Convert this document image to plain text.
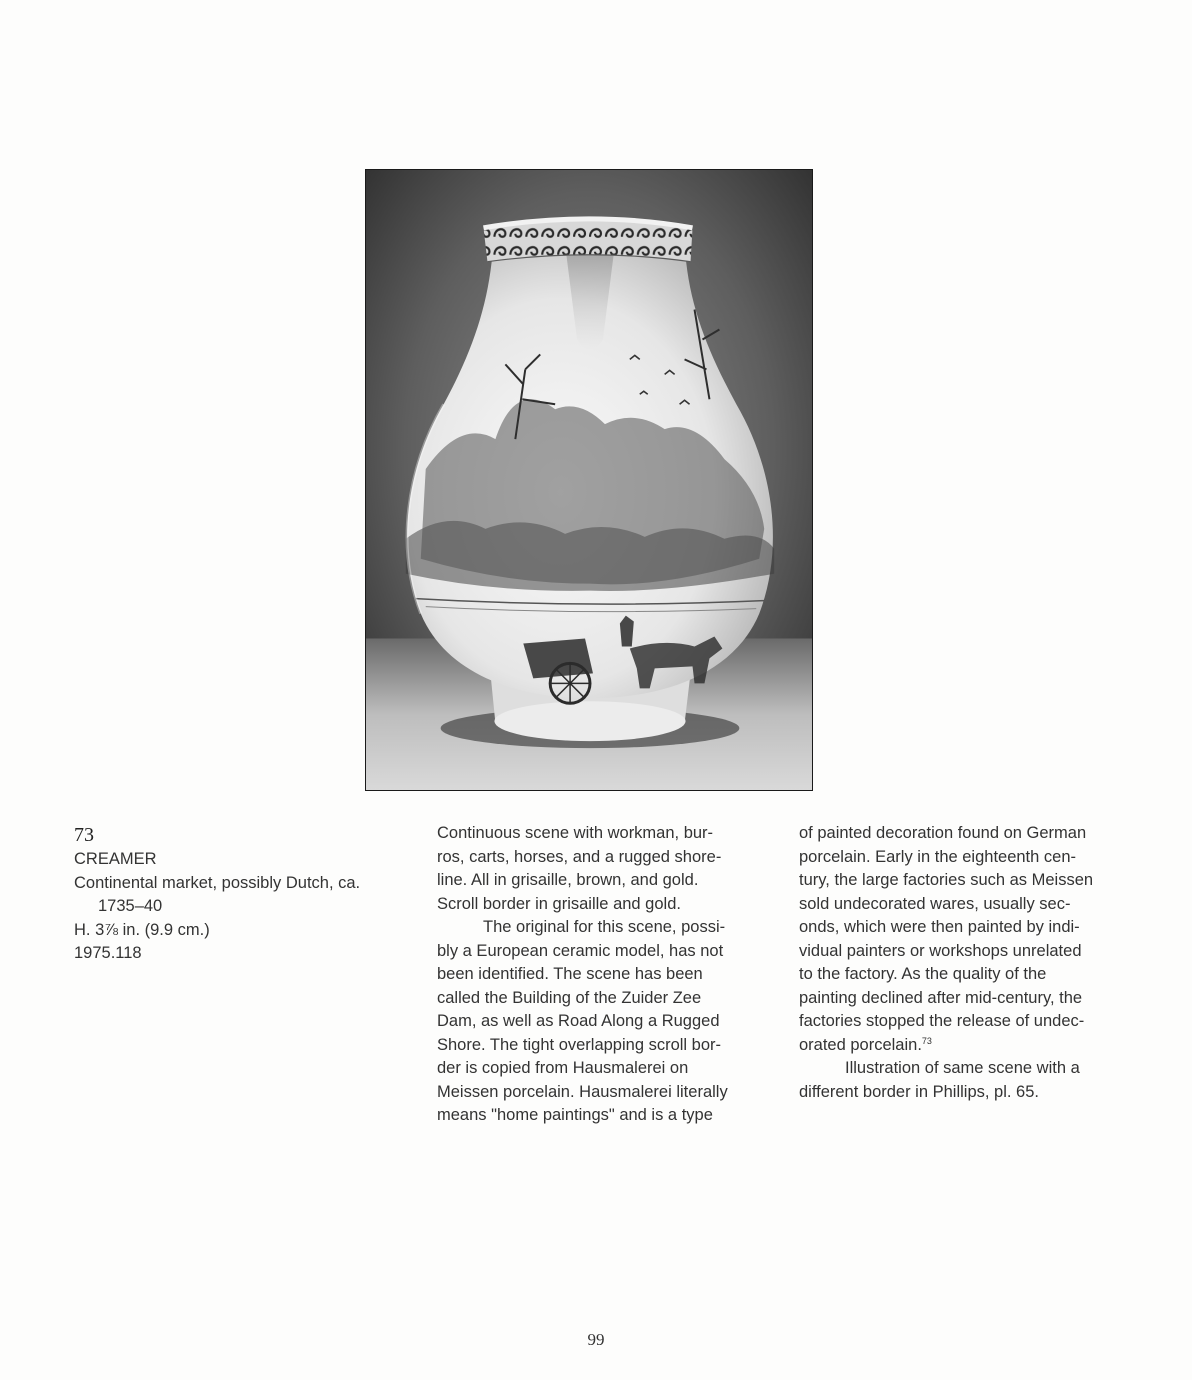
73
CREAMER
Continental market, possibly Dutch, ca.
1735–40
H. 3⅞ in. (9.9 cm.)
1975.118
Continuous scene with workman, bur-
ros, carts, horses, and a rugged shore-
line. All in grisaille, brown, and gold.
Scroll border in grisaille and gold.
The original for this scene, possi-
bly a European ceramic model, has not
been identified. The scene has been
called the Building of the Zuider Zee
Dam, as well as Road Along a Rugged
Shore. The tight overlapping scroll bor-
der is copied from Hausmalerei on
Meissen porcelain. Hausmalerei literally
means "home paintings" and is a type
of painted decoration found on German
porcelain. Early in the eighteenth cen-
tury, the large factories such as Meissen
sold undecorated wares, usually sec-
onds, which were then painted by indi-
vidual painters or workshops unrelated
to the factory. As the quality of the
painting declined after mid-century, the
factories stopped the release of undec-
orated porcelain.$^{73}$
Illustration of same scene with a
different border in Phillips, pl. 65.
99
